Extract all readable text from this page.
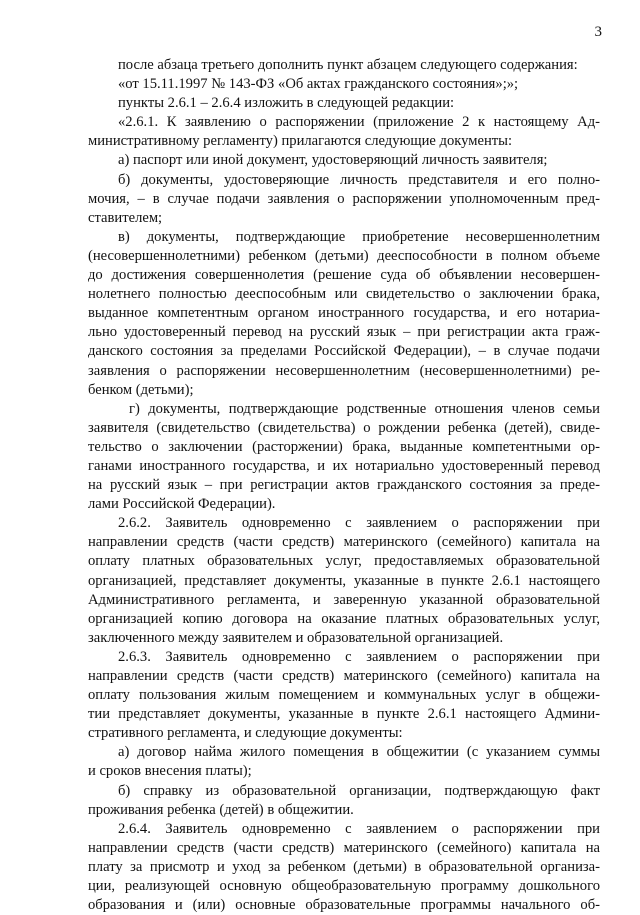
3
после абзаца третьего дополнить пункт абзацем следующего содержания:
«от 15.11.1997 № 143-ФЗ «Об актах гражданского состояния»;»;
пункты 2.6.1 – 2.6.4 изложить в следующей редакции:
«2.6.1. К заявлению о распоряжении (приложение 2 к настоящему Ад-
министративному регламенту) прилагаются следующие документы:
а) паспорт или иной документ, удостоверяющий личность заявителя;
б) документы, удостоверяющие личность представителя и его полно-
мочия, – в случае подачи заявления о распоряжении уполномоченным пред-
ставителем;
в) документы, подтверждающие приобретение несовершеннолетним
(несовершеннолетними) ребенком (детьми) дееспособности в полном объеме
до достижения совершеннолетия (решение суда об объявлении несовершен-
нолетнего полностью дееспособным или свидетельство о заключении брака,
выданное компетентным органом иностранного государства, и его нотариа-
льно удостоверенный перевод на русский язык – при регистрации акта граж-
данского состояния за пределами Российской Федерации), – в случае подачи
заявления о распоряжении несовершеннолетним (несовершеннолетними) ре-
бенком (детьми);
г) документы, подтверждающие родственные отношения членов семьи
заявителя (свидетельство (свидетельства) о рождении ребенка (детей), свиде-
тельство о заключении (расторжении) брака, выданные компетентными ор-
ганами иностранного государства, и их нотариально удостоверенный перевод
на русский язык – при регистрации актов гражданского состояния за преде-
лами Российской Федерации).
2.6.2. Заявитель одновременно с заявлением о распоряжении при
направлении средств (части средств) материнского (семейного) капитала на
оплату платных образовательных услуг, предоставляемых образовательной
организацией, представляет документы, указанные в пункте 2.6.1 настоящего
Административного регламента, и заверенную указанной образовательной
организацией копию договора на оказание платных образовательных услуг,
заключенного между заявителем и образовательной организацией.
2.6.3. Заявитель одновременно с заявлением о распоряжении при
направлении средств (части средств) материнского (семейного) капитала на
оплату пользования жилым помещением и коммунальных услуг в общежи-
тии представляет документы, указанные в пункте 2.6.1 настоящего Админи-
стративного регламента, и следующие документы:
а) договор найма жилого помещения в общежитии (с указанием суммы
и сроков внесения платы);
б) справку из образовательной организации, подтверждающую факт
проживания ребенка (детей) в общежитии.
2.6.4. Заявитель одновременно с заявлением о распоряжении при
направлении средств (части средств) материнского (семейного) капитала на
плату за присмотр и уход за ребенком (детьми) в образовательной организа-
ции, реализующей основную общеобразовательную программу дошкольного
образования и (или) основные образовательные программы начального об-
